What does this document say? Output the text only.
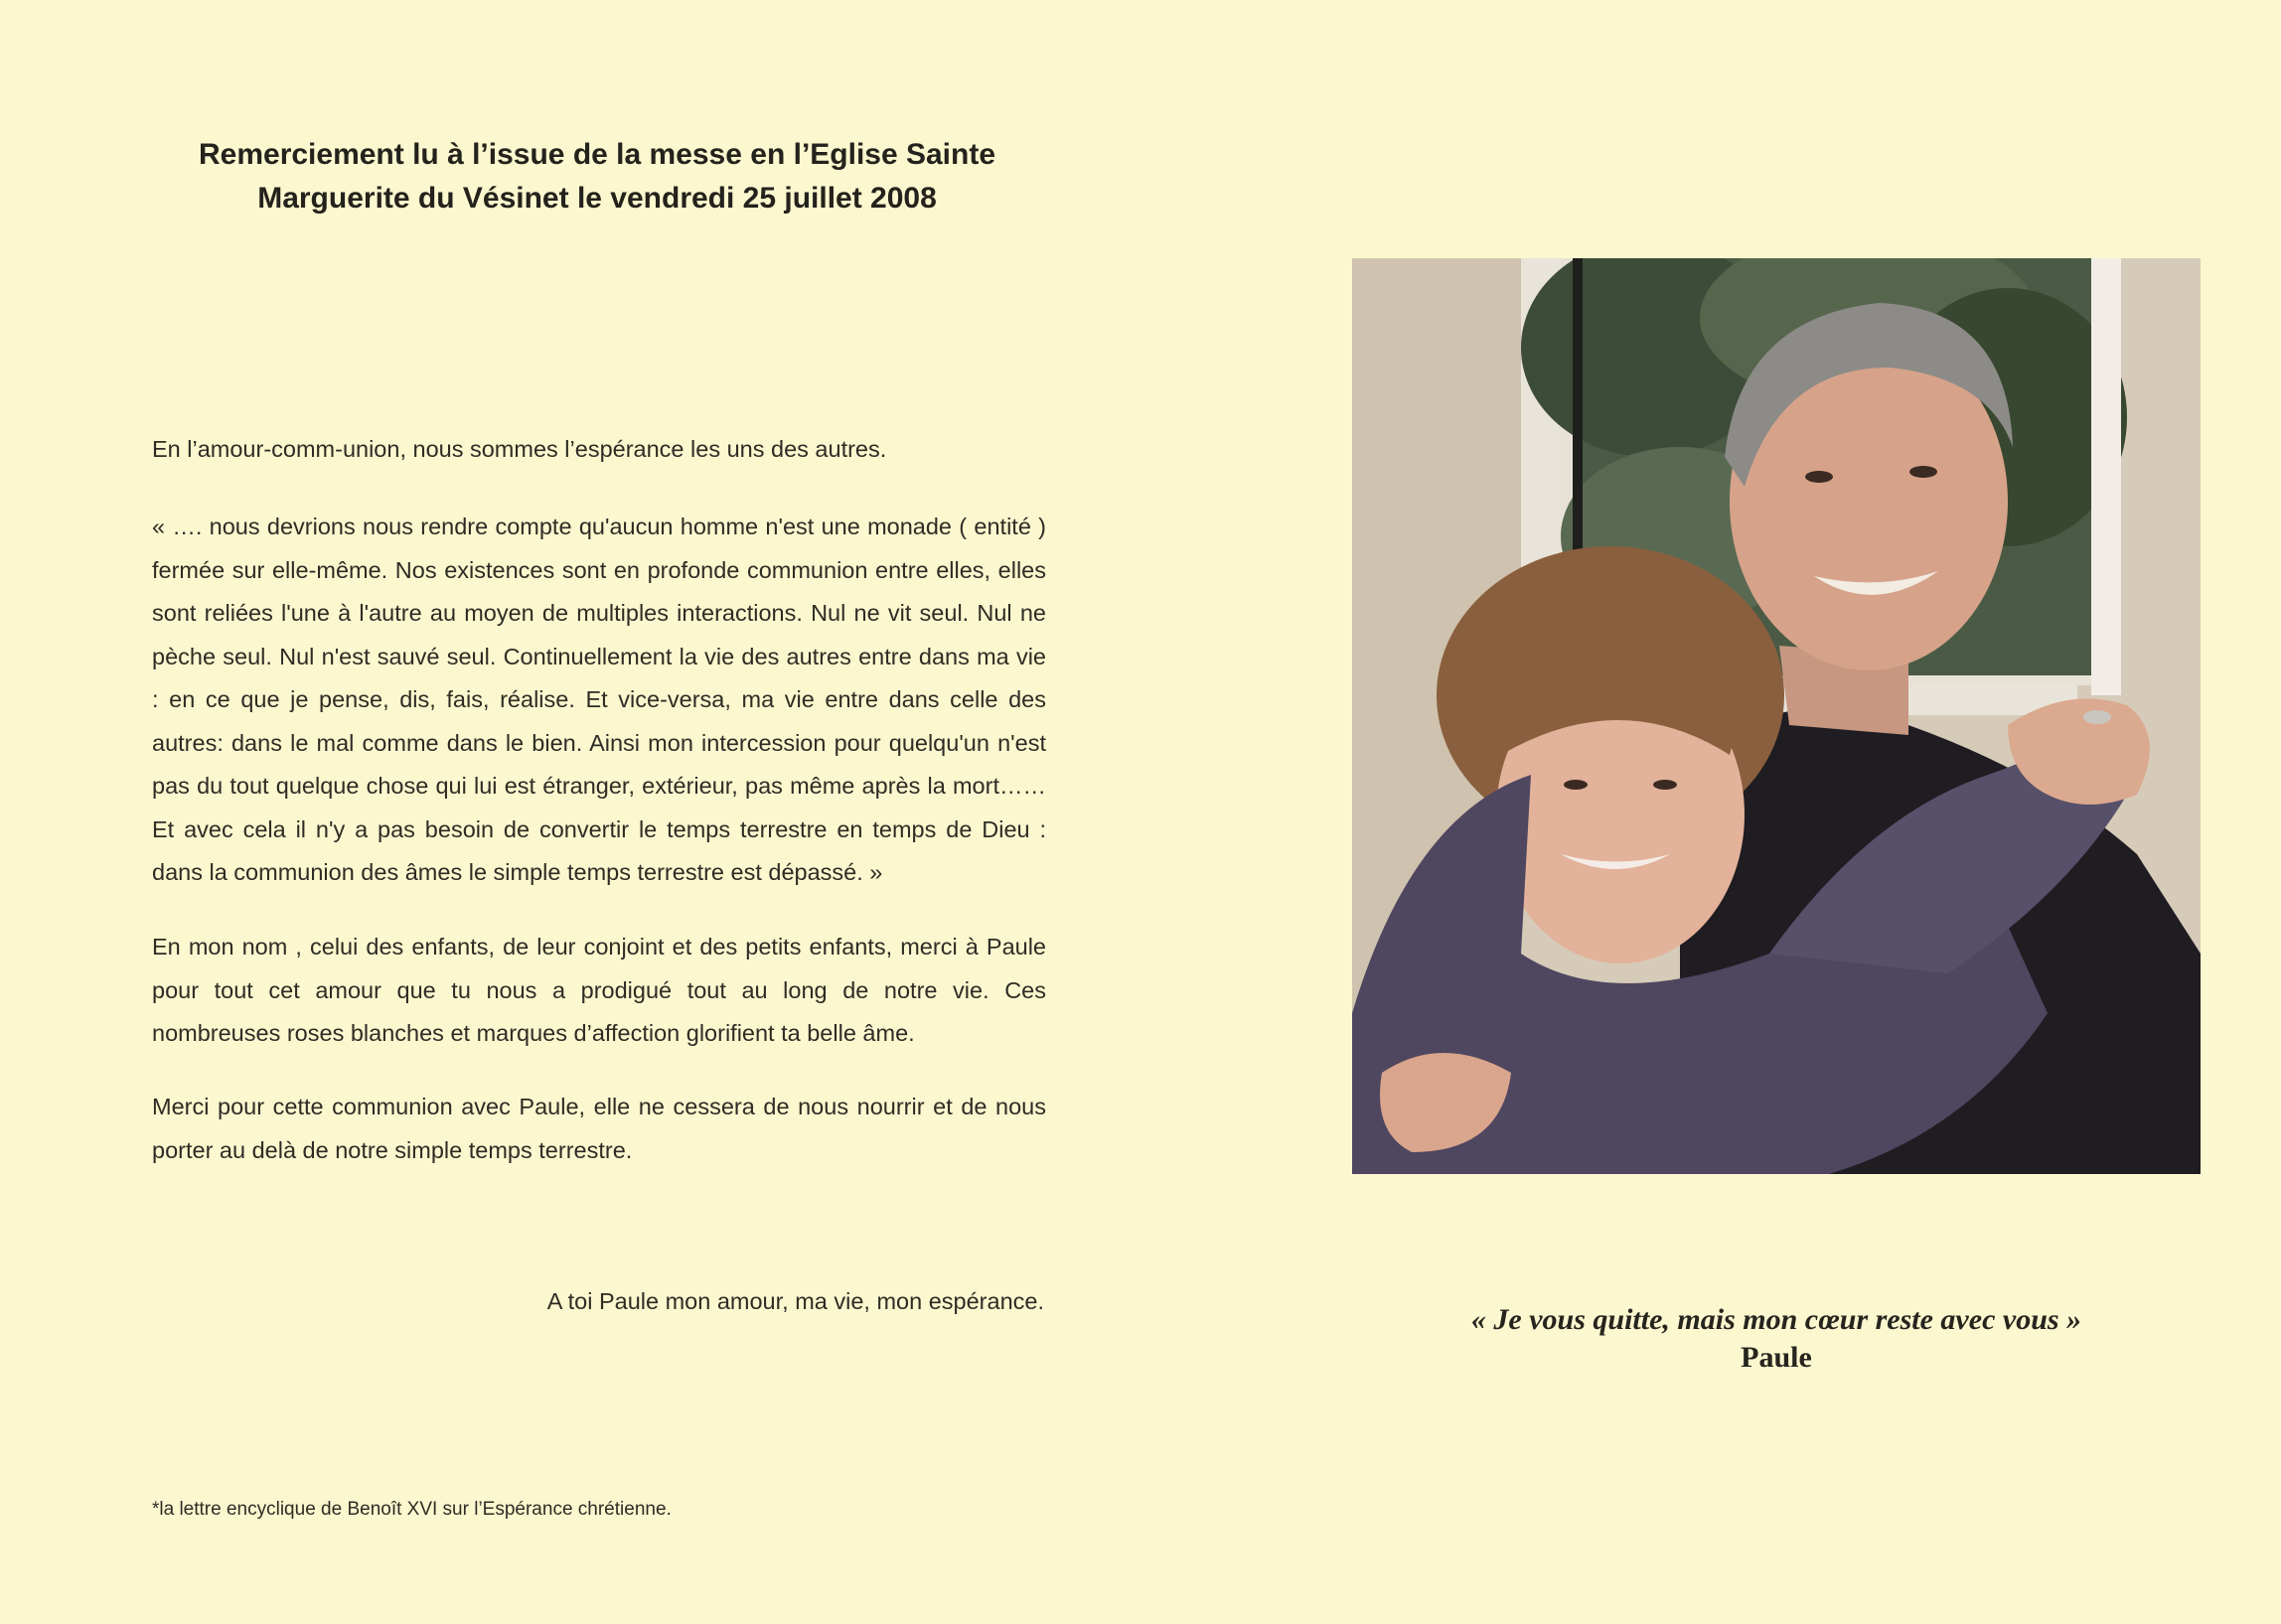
Remerciement lu à l’issue de la messe en l’Eglise Sainte
Marguerite du Vésinet le vendredi 25 juillet 2008
En l’amour-comm-union, nous sommes l’espérance les uns des autres.
« …. nous devrions nous rendre compte qu'aucun homme n'est une monade ( entité ) fermée sur elle-même. Nos existences sont en profonde communion entre elles, elles sont reliées l'une à l'autre au moyen de multiples interactions. Nul ne vit seul. Nul ne pèche seul. Nul n'est sauvé seul. Continuellement la vie des autres entre dans ma vie : en ce que je pense, dis, fais, réalise. Et vice-versa, ma vie entre dans celle des autres: dans le mal comme dans le bien. Ainsi mon intercession pour quelqu'un n'est pas du tout quelque chose qui lui est étranger, extérieur, pas même après la mort…… Et avec cela il n'y a pas besoin de convertir le temps terrestre en temps de Dieu : dans la communion des âmes le simple temps terrestre est dépassé. »
En mon nom , celui des enfants, de leur conjoint et des petits enfants, merci à Paule pour tout cet amour que tu nous a prodigué tout au long de notre vie. Ces nombreuses roses blanches et marques d’affection glorifient ta belle âme.
Merci pour cette communion avec Paule, elle ne cessera de nous nourrir et de nous porter au delà de notre simple temps terrestre.
A toi Paule mon amour, ma vie, mon espérance.
*la lettre encyclique de Benoît XVI sur l’Espérance chrétienne.
« Je vous quitte, mais mon cœur reste avec vous »
Paule
